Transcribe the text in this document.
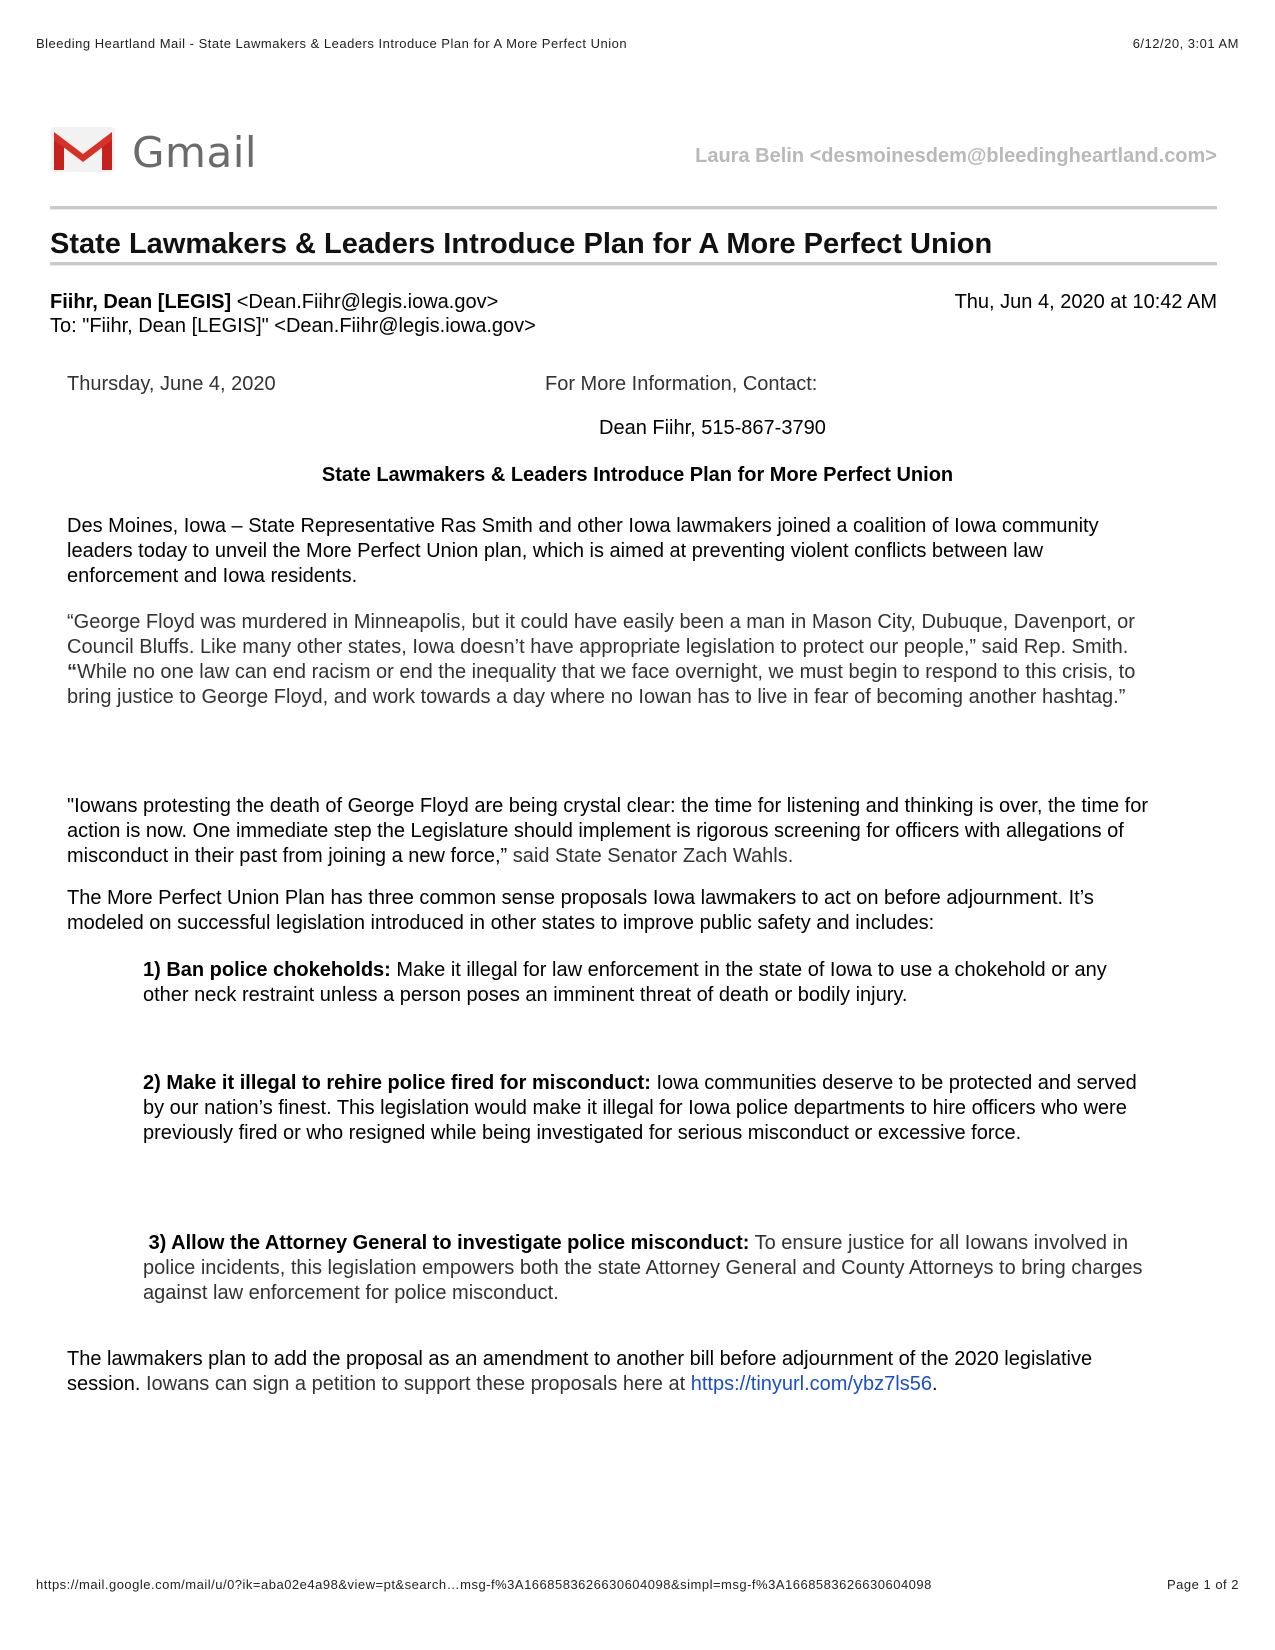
Bleeding Heartland Mail - State Lawmakers & Leaders Introduce Plan for A More Perfect Union	6/12/20, 3:01 AM
Gmail	Laura Belin <desmoinesdem@bleedingheartland.com>
State Lawmakers & Leaders Introduce Plan for A More Perfect Union
Fiihr, Dean [LEGIS] <Dean.Fiihr@legis.iowa.gov>	Thu, Jun 4, 2020 at 10:42 AM
To: "Fiihr, Dean [LEGIS]" <Dean.Fiihr@legis.iowa.gov>
Thursday, June 4, 2020	For More Information, Contact:
Dean Fiihr, 515-867-3790
State Lawmakers & Leaders Introduce Plan for More Perfect Union
Des Moines, Iowa – State Representative Ras Smith and other Iowa lawmakers joined a coalition of Iowa community leaders today to unveil the More Perfect Union plan, which is aimed at preventing violent conflicts between law enforcement and Iowa residents.
“George Floyd was murdered in Minneapolis, but it could have easily been a man in Mason City, Dubuque, Davenport, or Council Bluffs. Like many other states, Iowa doesn’t have appropriate legislation to protect our people,” said Rep. Smith. “While no one law can end racism or end the inequality that we face overnight, we must begin to respond to this crisis, to bring justice to George Floyd, and work towards a day where no Iowan has to live in fear of becoming another hashtag.”
"Iowans protesting the death of George Floyd are being crystal clear: the time for listening and thinking is over, the time for action is now. One immediate step the Legislature should implement is rigorous screening for officers with allegations of misconduct in their past from joining a new force,” said State Senator Zach Wahls.
The More Perfect Union Plan has three common sense proposals Iowa lawmakers to act on before adjournment. It’s modeled on successful legislation introduced in other states to improve public safety and includes:
1) Ban police chokeholds: Make it illegal for law enforcement in the state of Iowa to use a chokehold or any other neck restraint unless a person poses an imminent threat of death or bodily injury.
2) Make it illegal to rehire police fired for misconduct: Iowa communities deserve to be protected and served by our nation’s finest. This legislation would make it illegal for Iowa police departments to hire officers who were previously fired or who resigned while being investigated for serious misconduct or excessive force.
3) Allow the Attorney General to investigate police misconduct: To ensure justice for all Iowans involved in police incidents, this legislation empowers both the state Attorney General and County Attorneys to bring charges against law enforcement for police misconduct.
The lawmakers plan to add the proposal as an amendment to another bill before adjournment of the 2020 legislative session. Iowans can sign a petition to support these proposals here at https://tinyurl.com/ybz7ls56.
https://mail.google.com/mail/u/0?ik=aba02e4a98&view=pt&search…msg-f%3A1668583626630604098&simpl=msg-f%3A1668583626630604098	Page 1 of 2
